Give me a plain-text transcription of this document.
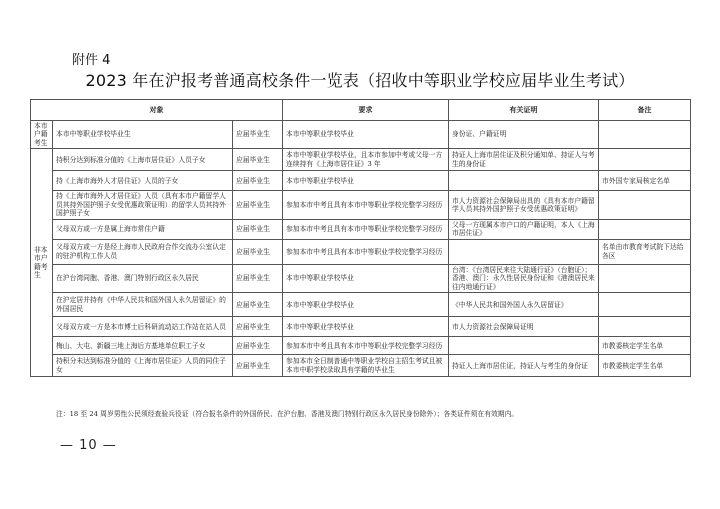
附件 4
2023 年在沪报考普通高校条件一览表（招收中等职业学校应届毕业生考试）
对象			要求	有关证明	备注
本市户籍考生	本市中等职业学校毕业生	应届毕业生	本市中等职业学校毕业	身份证、户籍证明	
非本市户籍考生	持积分达到标准分值的《上海市居住证》人员子女	应届毕业生	本市中等职业学校毕业，且本市参加中考或父母一方连续持有《上海市居住证》3 年	持证人上海市居住证及积分通知单、持证人与考生的身份证	
	持《上海市海外人才居住证》人员的子女	应届毕业生	本市中等职业学校毕业		市外国专家局核定名单
	持《上海市海外人才居住证》人员（具有本市户籍留学人员其持外国护照子女受优惠政策证明）的留学人员其持外国护照子女	应届毕业生	参加本市中考且具有本市中等职业学校完整学习经历	市人力资源社会保障局出具的《具有本市户籍留学人员其持外国护照子女受优惠政策证明》	
	父母双方或一方是属上海市常住户籍	应届毕业生	参加本市中考且具有本市中等职业学校完整学习经历	父母一方现属本市户口的户籍证明，本人《上海市居住证》	
	父母双方或一方是经上海市人民政府合作交流办公室认定的驻沪机构工作人员	应届毕业生	参加本市中考且具有本市中等职业学校完整学习经历		名单由市教育考试院下达给各区
	在沪台湾同胞、香港、澳门特别行政区永久居民	应届毕业生	本市中等职业学校毕业	台湾：《台湾居民来往大陆通行证》（台胞证）；香港、澳门：永久性居民身份证和《港澳居民来往内地通行证》	
	在沪定居并持有《中华人民共和国外国人永久居留证》的外国居民	应届毕业生	本市中等职业学校毕业	《中华人民共和国外国人永久居留证》	
	父母双方或一方是本市博士后科研流动站工作站在站人员	应届毕业生	本市中等职业学校毕业	市人力资源社会保障局证明	
	梅山、大屯、新疆三地上海后方基地单位职工子女	应届毕业生	参加本市中考且具有本市中等职业学校完整学习经历		市教委核定学生名单
	持积分未达到标准分值的《上海市居住证》人员的同住子女	应届毕业生	参加本市全日制普通中等职业学校自主招生考试且被本市中职学校录取具有学籍的毕业生	持证人上海市居住证，持证人与考生的身份证	市教委核定学生名单
注：18 至 24 周岁男性公民须经查验兵役证（符合报名条件的外国侨民、在沪台胞、香港及澳门特别行政区永久居民身份除外）；各类证件须在有效期内。
— 10 —
